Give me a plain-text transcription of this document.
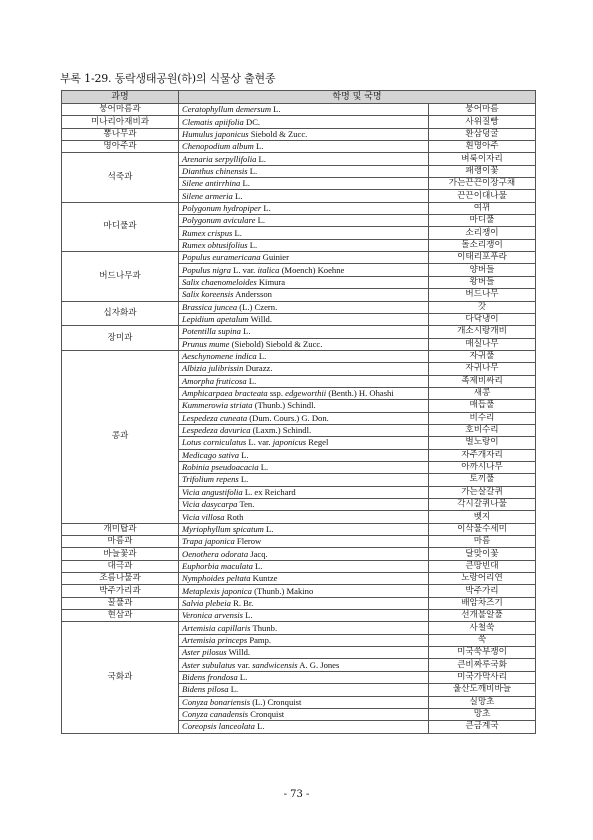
부록 1-29. 동락생태공원(하)의 식물상 출현종
과명	학명 및 국명	
붕어마름과	Ceratophyllum demersum L.	붕어마름
미나리아재비과	Clematis apiifolia DC.	사위질빵
뽕나무과	Humulus japonicus Siebold & Zucc.	환삼덩굴
명아주과	Chenopodium album L.	흰명아주
석죽과	Arenaria serpyllifolia L.	벼룩이자리
	Dianthus chinensis L.	패랭이꽃
	Silene antirrhina L.	가는끈끈이장구채
	Silene armeria L.	끈끈이대나물
마디풀과	Polygonum hydropiper L.	여뀌
	Polygonum aviculare L.	마디풀
	Rumex crispus L.	소리쟁이
	Rumex obtusifolius L.	돌소리쟁이
버드나무과	Populus euramericana Guinier	이태리포푸라
	Populus nigra L. var. italica (Moench) Koehne	양버들
	Salix chaenomeloides Kimura	왕버들
	Salix koreensis Andersson	버드나무
십자화과	Brassica juncea (L.) Czern.	갓
	Lepidium apetalum Willd.	다닥냉이
장미과	Potentilla supina L.	개소시랑개비
	Prunus mume (Siebold) Siebold & Zucc.	매실나무
콩과	Aeschynomene indica L.	자귀풀
	Albizia julibrissin Durazz.	자귀나무
	Amorpha fruticosa L.	족제비싸리
	Amphicarpaea bracteata ssp. edgeworthii (Benth.) H. Ohashi	새콩
	Kummerowia striata (Thunb.) Schindl.	매듭풀
	Lespedeza cuneata (Dum. Cours.) G. Don.	비수리
	Lespedeza davurica (Laxm.) Schindl.	호비수리
	Lotus corniculatus L. var. japonicus Regel	벌노랑이
	Medicago sativa L.	자주개자리
	Robinia pseudoacacia L.	아까시나무
	Trifolium repens L.	토끼풀
	Vicia angustifolia L. ex Reichard	가는살갈퀴
	Vicia dasycarpa Ten.	각시갈퀴나물
	Vicia villosa Roth	벳지
개미탑과	Myriophyllum spicatum L.	이삭물수세미
마름과	Trapa japonica Flerow	마름
바늘꽃과	Oenothera odorata Jacq.	달맞이꽃
대극과	Euphorbia maculata L.	큰땅빈대
조름나물과	Nymphoides peltata Kuntze	노랑어리연
박주가리과	Metaplexis japonica (Thunb.) Makino	박주가리
꿀풀과	Salvia plebeia R. Br.	배암차즈기
현삼과	Veronica arvensis L.	선개불알풀
국화과	Artemisia capillaris Thunb.	사철쑥
	Artemisia princeps Pamp.	쑥
	Aster pilosus Willd.	미국쑥부쟁이
	Aster subulatus var. sandwicensis A. G. Jones	큰비짜루국화
	Bidens frondosa L.	미국가막사리
	Bidens pilosa L.	울산도깨비바늘
	Conyza bonariensis (L.) Cronquist	실망초
	Conyza canadensis Cronquist	망초
	Coreopsis lanceolata L.	큰금계국
- 73 -
